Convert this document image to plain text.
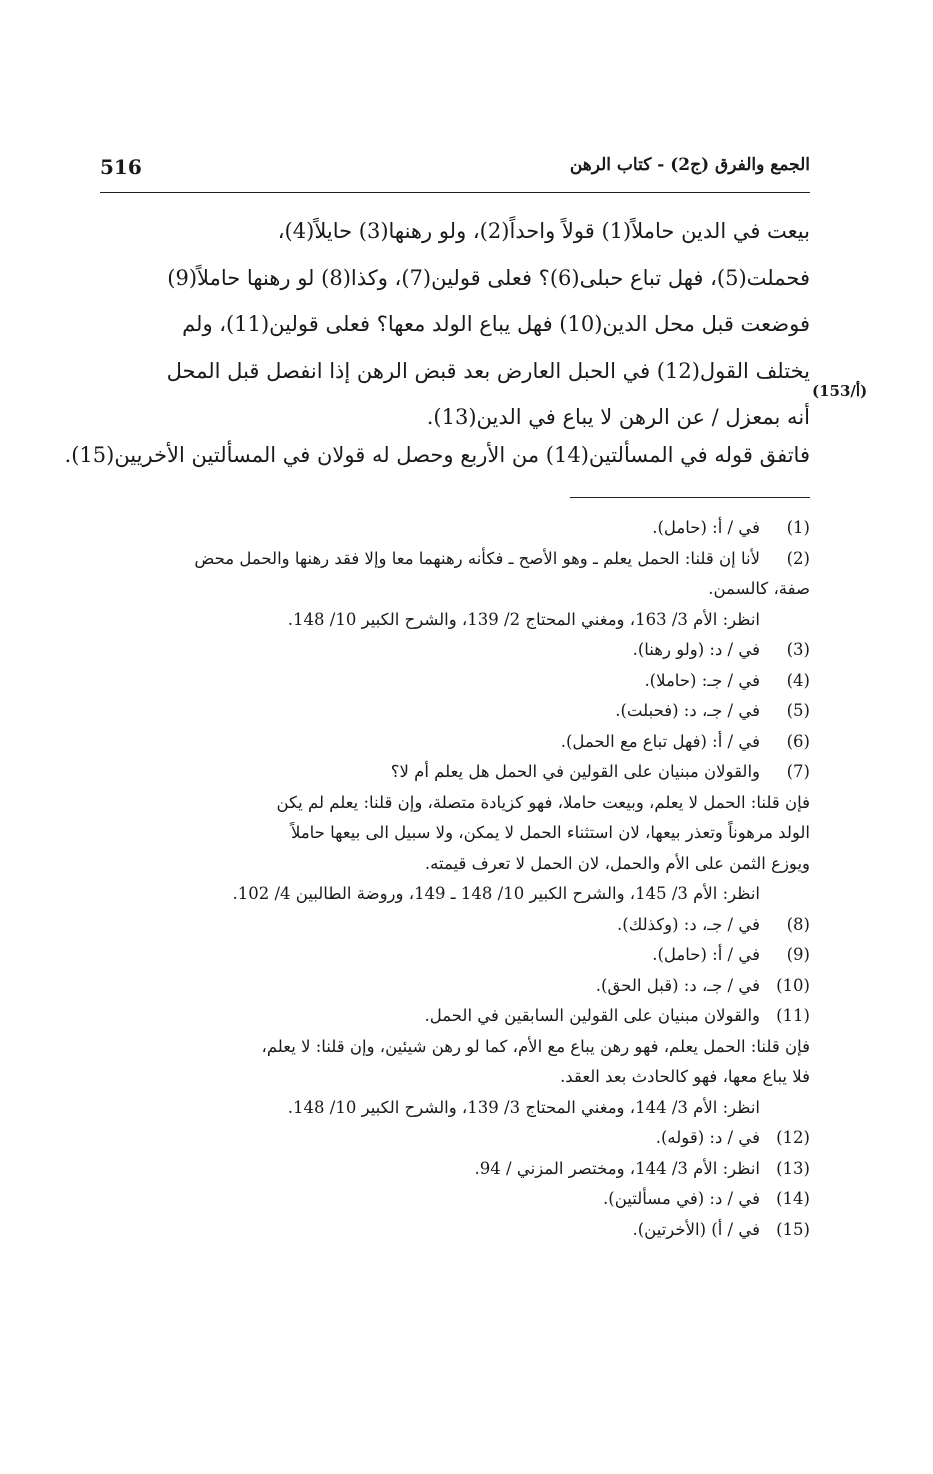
516	الجمع والفرق (ج2) - كتاب الرهن
(153/أ)
بيعت في الدين حاملاً(1) قولاً واحداً(2)، ولو رهنها(3) حايلاً(4)،
فحملت(5)، فهل تباع حبلى(6)؟ فعلى قولين(7)، وكذا(8) لو رهنها حاملاً(9)
فوضعت قبل محل الدين(10) فهل يباع الولد معها؟ فعلى قولين(11)، ولم
يختلف القول(12) في الحبل العارض بعد قبض الرهن إذا انفصل قبل المحل
أنه بمعزل / عن الرهن لا يباع في الدين(13).
فاتفق قوله في المسألتين(14) من الأربع وحصل له قولان في المسألتين الأخريين(15).
(1)
في / أ: (حامل).
(2)
لأنا إن قلنا: الحمل يعلم ـ وهو الأصح ـ فكأنه رهنهما معا وإلا فقد رهنها والحمل محض
صفة، كالسمن.
انظر: الأم 3/ 163، ومغني المحتاج 2/ 139، والشرح الكبير 10/ 148.
(3)
في / د: (ولو رهنا).
(4)
في / جـ: (حاملا).
(5)
في / جـ، د: (فحبلت).
(6)
في / أ: (فهل تباع مع الحمل).
(7)
والقولان مبنيان على القولين في الحمل هل يعلم أم لا؟
فإن قلنا: الحمل لا يعلم، وبيعت حاملا، فهو كزيادة متصلة، وإن قلنا: يعلم لم يكن
الولد مرهوناً وتعذر بيعها، لان استثناء الحمل لا يمكن، ولا سبيل الى بيعها حاملاً
ويوزع الثمن على الأم والحمل، لان الحمل لا تعرف قيمته.
انظر: الأم 3/ 145، والشرح الكبير 10/ 148 ـ 149، وروضة الطالبين 4/ 102.
(8)
في / جـ، د: (وكذلك).
(9)
في / أ: (حامل).
(10)
في / جـ، د: (قبل الحق).
(11)
والقولان مبنيان على القولين السابقين في الحمل.
فإن قلنا: الحمل يعلم، فهو رهن يباع مع الأم، كما لو رهن شيئين، وإن قلنا: لا يعلم،
فلا يباع معها، فهو كالحادث بعد العقد.
انظر: الأم 3/ 144، ومغني المحتاج 3/ 139، والشرح الكبير 10/ 148.
(12)
في / د: (قوله).
(13)
انظر: الأم 3/ 144، ومختصر المزني / 94.
(14)
في / د: (في مسألتين).
(15)
في / أ) (الأخرتين).
